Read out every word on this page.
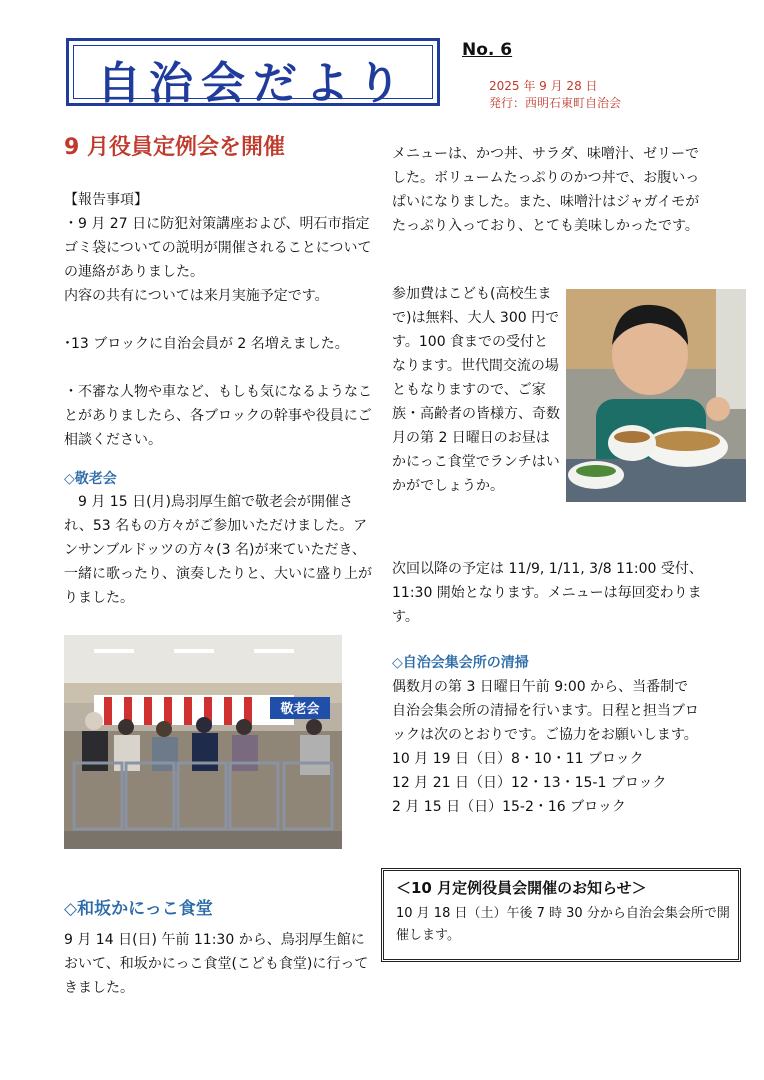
自治会だより
No. 6
2025 年 9 月 28 日
発行：西明石東町自治会
9 月役員定例会を開催

【報告事項】

・9 月 27 日に防犯対策講座および、明石市指定ゴミ袋についての説明が開催されることについての連絡がありました。

内容の共有については来月実施予定です。

･13 ブロックに自治会員が 2 名増えました。

・不審な人物や車など、もしも気になるようなことがありましたら、各ブロックの幹事や役員にご相談ください。

◇敬老会
　9 月 15 日(月)鳥羽厚生館で敬老会が開催され、53 名もの方々がご参加いただけました。アンサンブルドッツの方々(3 名)が来ていただき、一緒に歌ったり、演奏したりと、大いに盛り上がりました。
敬老会
◇和坂かにっこ食堂
9 月 14 日(日) 午前 11:30 から、鳥羽厚生館において、和坂かにっこ食堂(こども食堂)に行ってきました。
メニューは、かつ丼、サラダ、味噌汁、ゼリーでした。ボリュームたっぷりのかつ丼で、お腹いっぱいになりました。また、味噌汁はジャガイモがたっぷり入っており、とても美味しかったです。
参加費はこども(高校生まで)は無料、大人 300 円です。100 食までの受付となります。世代間交流の場ともなりますので、ご家族・高齢者の皆様方、奇数月の第 2 日曜日のお昼はかにっこ食堂でランチはいかがでしょうか。
次回以降の予定は 11/9, 1/11, 3/8 11:00 受付、11:30 開始となります。メニューは毎回変わります。
◇自治会集会所の清掃

偶数月の第 3 日曜日午前 9:00 から、当番制で自治会集会所の清掃を行います。日程と担当ブロックは次のとおりです。ご協力をお願いします。

10 月 19 日（日）8・10・11 ブロック

12 月 21 日（日）12・13・15-1 ブロック

2 月 15 日（日）15-2・16 ブロック

＜10 月定例役員会開催のお知らせ＞
10 月 18 日（土）午後 7 時 30 分から自治会集会所で開催します。
